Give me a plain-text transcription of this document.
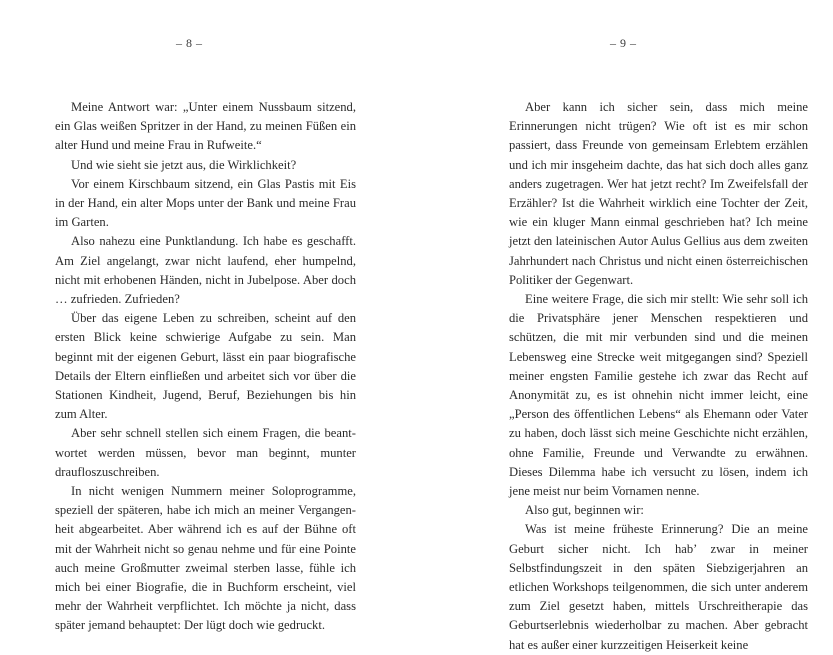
– 8 –

Meine Antwort war: „Unter einem Nussbaum sitzend, ein Glas weißen Spritzer in der Hand, zu meinen Füßen ein alter Hund und meine Frau in Rufweite.“

Und wie sieht sie jetzt aus, die Wirklichkeit?

Vor einem Kirschbaum sitzend, ein Glas Pastis mit Eis in der Hand, ein alter Mops unter der Bank und meine Frau im Garten.

Also nahezu eine Punktlandung. Ich habe es geschafft. Am Ziel angelangt, zwar nicht laufend, eher humpelnd, nicht mit erhobenen Händen, nicht in Jubelpose. Aber doch … zufrieden. Zufrieden?

Über das eigene Leben zu schreiben, scheint auf den ersten Blick keine schwierige Aufgabe zu sein. Man beginnt mit der eigenen Geburt, lässt ein paar biografische Details der Eltern einfließen und arbeitet sich vor über die Stationen Kindheit, Jugend, Beruf, Beziehungen bis hin zum Alter.

Aber sehr schnell stellen sich einem Fragen, die beantwortet werden müssen, bevor man beginnt, munter draufloszuschreiben.

In nicht wenigen Nummern meiner Soloprogramme, speziell der späteren, habe ich mich an meiner Vergangenheit abgearbeitet. Aber während ich es auf der Bühne oft mit der Wahrheit nicht so genau nehme und für eine Pointe auch meine Großmutter zweimal sterben lasse, fühle ich mich bei einer Biografie, die in Buchform erscheint, viel mehr der Wahrheit verpflichtet. Ich möchte ja nicht, dass später jemand behauptet: Der lügt doch wie gedruckt.

– 9 –

Aber kann ich sicher sein, dass mich meine Erinnerungen nicht trügen? Wie oft ist es mir schon passiert, dass Freunde von gemeinsam Erlebtem erzählen und ich mir insgeheim dachte, das hat sich doch alles ganz anders zugetragen. Wer hat jetzt recht? Im Zweifelsfall der Erzähler? Ist die Wahrheit wirklich eine Tochter der Zeit, wie ein kluger Mann einmal geschrieben hat? Ich meine jetzt den lateinischen Autor Aulus Gellius aus dem zweiten Jahrhundert nach Christus und nicht einen österreichischen Politiker der Gegenwart.

Eine weitere Frage, die sich mir stellt: Wie sehr soll ich die Privatsphäre jener Menschen respektieren und schützen, die mit mir verbunden sind und die meinen Lebensweg eine Strecke weit mitgegangen sind? Speziell meiner engsten Familie gestehe ich zwar das Recht auf Anonymität zu, es ist ohnehin nicht immer leicht, eine „Person des öffentlichen Lebens“ als Ehemann oder Vater zu haben, doch lässt sich meine Geschichte nicht erzählen, ohne Familie, Freunde und Verwandte zu erwähnen. Dieses Dilemma habe ich versucht zu lösen, indem ich jene meist nur beim Vornamen nenne.

Also gut, beginnen wir:

Was ist meine früheste Erinnerung? Die an meine Geburt sicher nicht. Ich hab’ zwar in meiner Selbstfindungszeit in den späten Siebzigerjahren an etlichen Workshops teilgenommen, die sich unter anderem zum Ziel gesetzt haben, mittels Urschreitherapie das Geburtserlebnis wiederholbar zu machen. Aber gebracht hat es außer einer kurzzeitigen Heiserkeit keine
